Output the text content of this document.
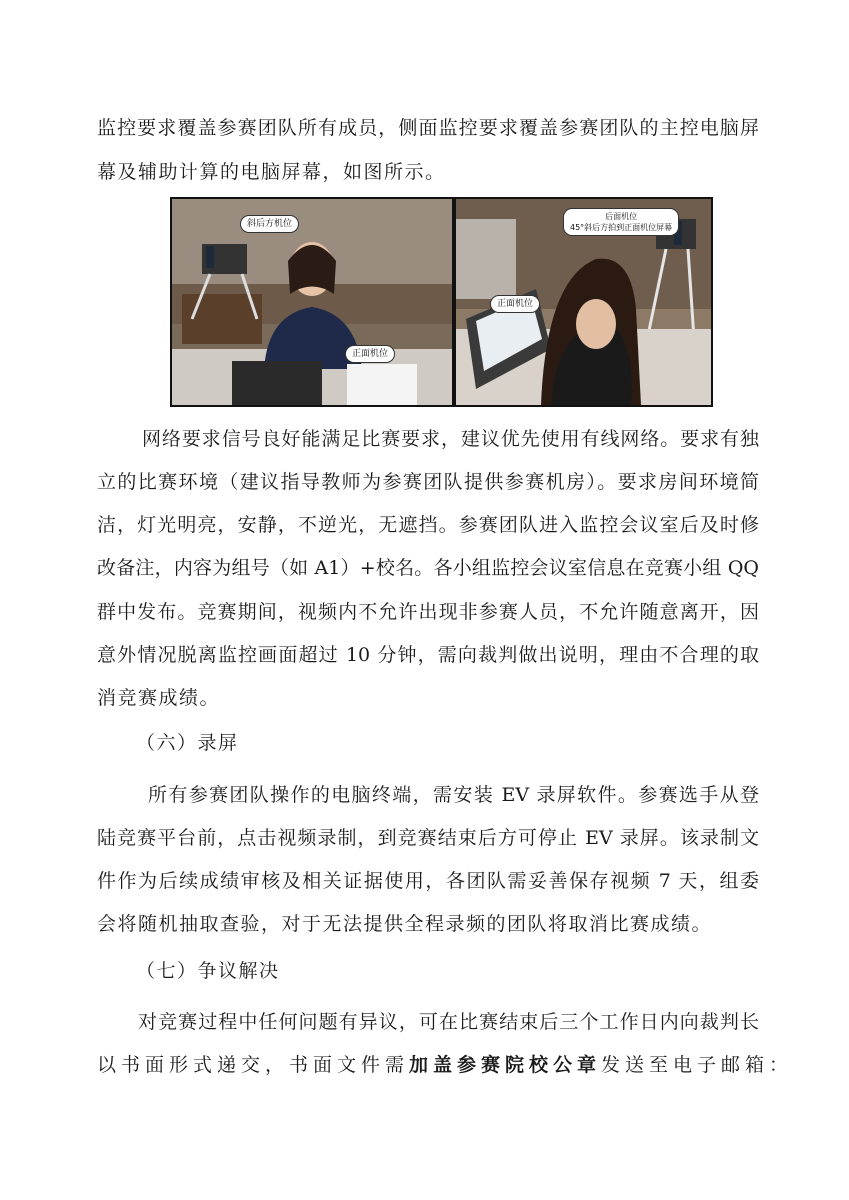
监控要求覆盖参赛团队所有成员，侧面监控要求覆盖参赛团队的主控电脑屏
幕及辅助计算的电脑屏幕，如图所示。
斜后方机位
正面机位
后面机位
45°斜后方拍到正面机位屏幕
正面机位
网络要求信号良好能满足比赛要求，建议优先使用有线网络。要求有独
立的比赛环境（建议指导教师为参赛团队提供参赛机房）。要求房间环境简
洁，灯光明亮，安静，不逆光，无遮挡。参赛团队进入监控会议室后及时修
改备注，内容为组号（如 A1）+校名。各小组监控会议室信息在竞赛小组 QQ
群中发布。竞赛期间，视频内不允许出现非参赛人员，不允许随意离开，因
意外情况脱离监控画面超过 10 分钟，需向裁判做出说明，理由不合理的取
消竞赛成绩。
（六）录屏
所有参赛团队操作的电脑终端，需安装 EV 录屏软件。参赛选手从登
陆竞赛平台前，点击视频录制，到竞赛结束后方可停止 EV 录屏。该录制文
件作为后续成绩审核及相关证据使用，各团队需妥善保存视频 7 天，组委
会将随机抽取查验，对于无法提供全程录频的团队将取消比赛成绩。
（七）争议解决
对竞赛过程中任何问题有异议，可在比赛结束后三个工作日内向裁判长
以书面形式递交，书面文件需加盖参赛院校公章发送至电子邮箱：
